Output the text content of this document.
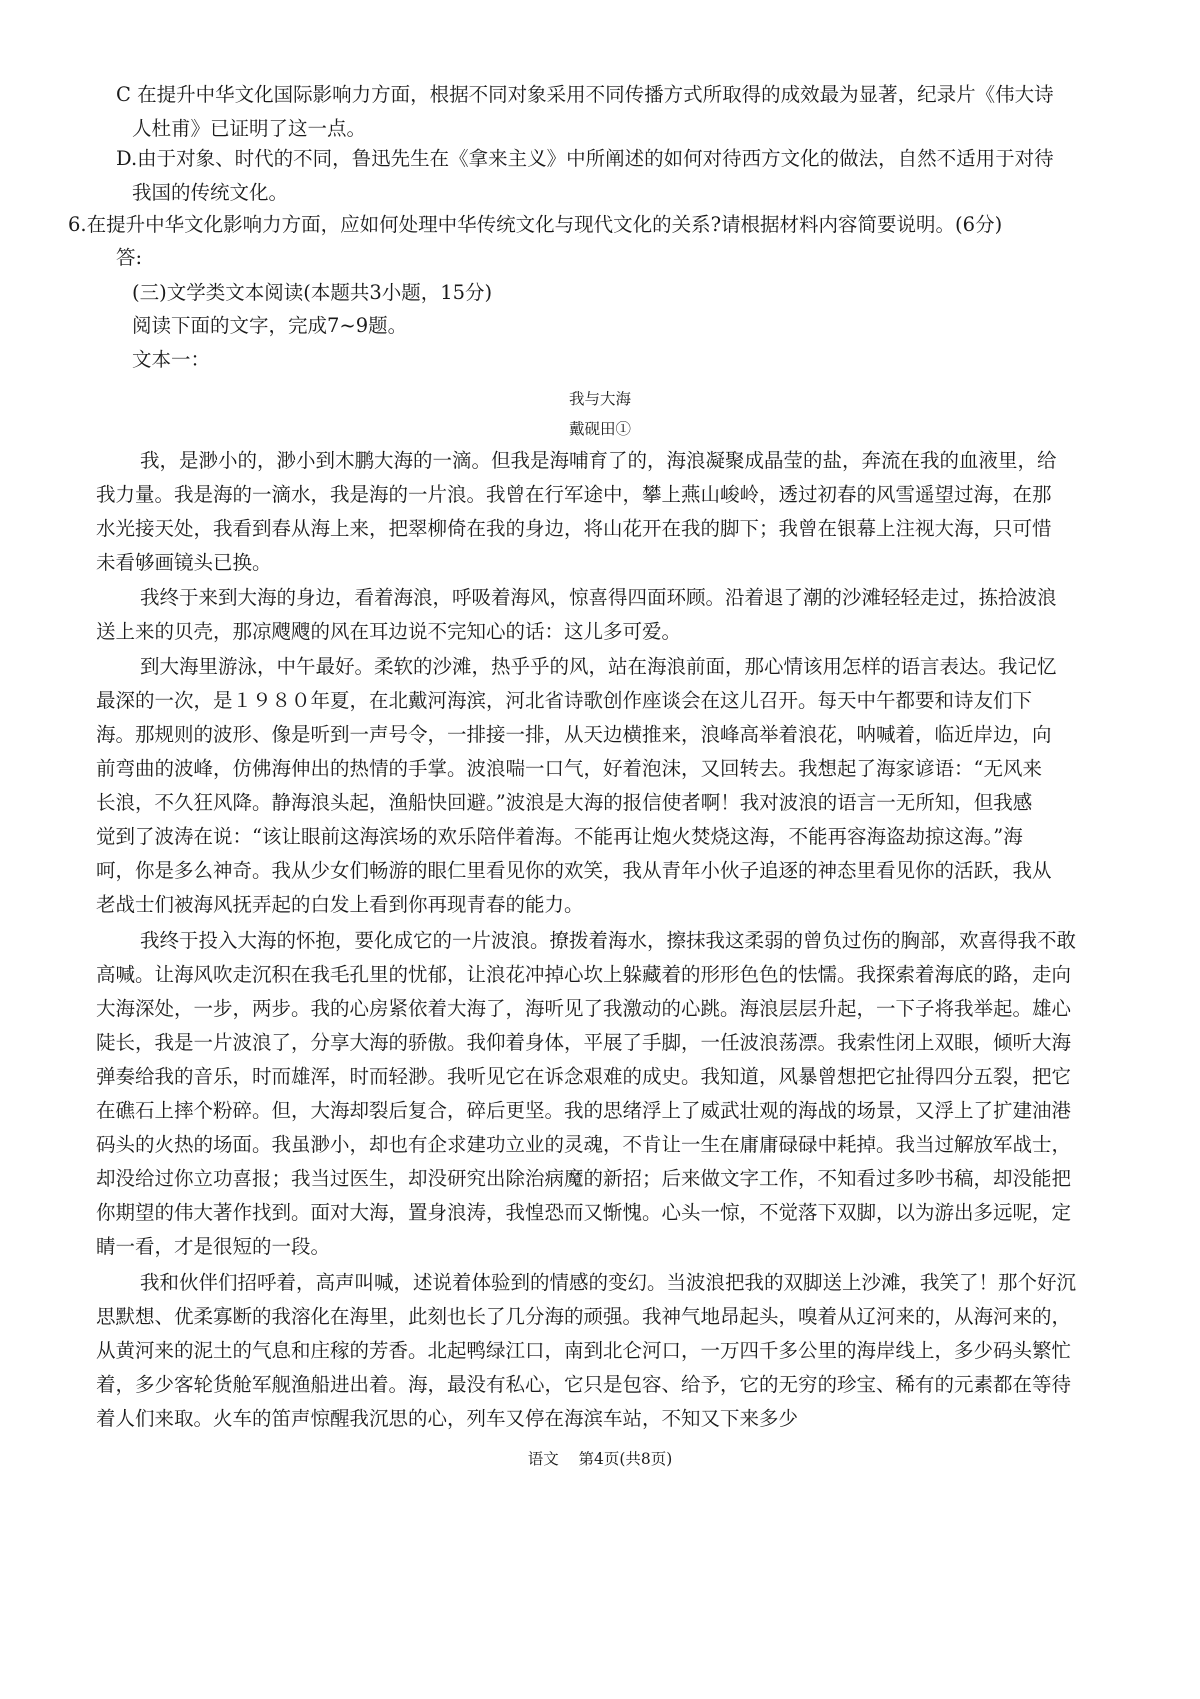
C 在提升中华文化国际影响力方面，根据不同对象采用不同传播方式所取得的成效最为显著，纪录片《伟大诗
人杜甫》已证明了这一点。
D.由于对象、时代的不同，鲁迅先生在《拿来主义》中所阐述的如何对待西方文化的做法，自然不适用于对待
我国的传统文化。
6.在提升中华文化影响力方面，应如何处理中华传统文化与现代文化的关系?请根据材料内容简要说明。(6分)
答:
(三)文学类文本阅读(本题共3小题，15分)
阅读下面的文字，完成7~9题。
文本一：
我与大海
戴砚田①
我，是渺小的，渺小到木鹏大海的一滴。但我是海哺育了的，海浪凝聚成晶莹的盐，奔流在我的血液里，给
我力量。我是海的一滴水，我是海的一片浪。我曾在行军途中，攀上燕山峻岭，透过初春的风雪遥望过海，在那
水光接天处，我看到春从海上来，把翠柳倚在我的身边，将山花开在我的脚下；我曾在银幕上注视大海，只可惜
未看够画镜头已换。
我终于来到大海的身边，看着海浪，呼吸着海风，惊喜得四面环顾。沿着退了潮的沙滩轻轻走过，拣拾波浪
送上来的贝壳，那凉飕飕的风在耳边说不完知心的话：这儿多可爱。
到大海里游泳，中午最好。柔软的沙滩，热乎乎的风，站在海浪前面，那心情该用怎样的语言表达。我记忆
最深的一次，是１９８０年夏，在北戴河海滨，河北省诗歌创作座谈会在这儿召开。每天中午都要和诗友们下
海。那规则的波形、像是听到一声号令，一排接一排，从天边横推来，浪峰高举着浪花，呐喊着，临近岸边，向
前弯曲的波峰，仿佛海伸出的热情的手掌。波浪喘一口气，好着泡沫，又回转去。我想起了海家谚语：“无风来
长浪，不久狂风降。静海浪头起，渔船快回避。”波浪是大海的报信使者啊！我对波浪的语言一无所知，但我感
觉到了波涛在说：“该让眼前这海滨场的欢乐陪伴着海。不能再让炮火焚烧这海，不能再容海盗劫掠这海。”海
呵，你是多么神奇。我从少女们畅游的眼仁里看见你的欢笑，我从青年小伙子追逐的神态里看见你的活跃，我从
老战士们被海风抚弄起的白发上看到你再现青春的能力。
我终于投入大海的怀抱，要化成它的一片波浪。撩拨着海水，擦抹我这柔弱的曾负过伤的胸部，欢喜得我不敢
高喊。让海风吹走沉积在我毛孔里的忧郁，让浪花冲掉心坎上躲藏着的形形色色的怯懦。我探索着海底的路，走向
大海深处，一步，两步。我的心房紧依着大海了，海听见了我激动的心跳。海浪层层升起，一下子将我举起。雄心
陡长，我是一片波浪了，分享大海的骄傲。我仰着身体，平展了手脚，一任波浪荡漂。我索性闭上双眼，倾听大海
弹奏给我的音乐，时而雄浑，时而轻渺。我听见它在诉念艰难的成史。我知道，风暴曾想把它扯得四分五裂，把它
在礁石上摔个粉碎。但，大海却裂后复合，碎后更坚。我的思绪浮上了威武壮观的海战的场景，又浮上了扩建油港
码头的火热的场面。我虽渺小，却也有企求建功立业的灵魂，不肯让一生在庸庸碌碌中耗掉。我当过解放军战士，
却没给过你立功喜报；我当过医生，却没研究出除治病魔的新招；后来做文字工作，不知看过多吵书稿，却没能把
你期望的伟大著作找到。面对大海，置身浪涛，我惶恐而又惭愧。心头一惊，不觉落下双脚，以为游出多远呢，定
睛一看，才是很短的一段。
我和伙伴们招呼着，高声叫喊，述说着体验到的情感的变幻。当波浪把我的双脚送上沙滩，我笑了！那个好沉
思默想、优柔寡断的我溶化在海里，此刻也长了几分海的顽强。我神气地昂起头，嗅着从辽河来的，从海河来的，
从黄河来的泥土的气息和庄稼的芳香。北起鸭绿江口，南到北仑河口，一万四千多公里的海岸线上，多少码头繁忙
着，多少客轮货舱军舰渔船进出着。海，最没有私心，它只是包容、给予，它的无穷的珍宝、稀有的元素都在等待
着人们来取。火车的笛声惊醒我沉思的心，列车又停在海滨车站，不知又下来多少
语文 第4页(共8页)
